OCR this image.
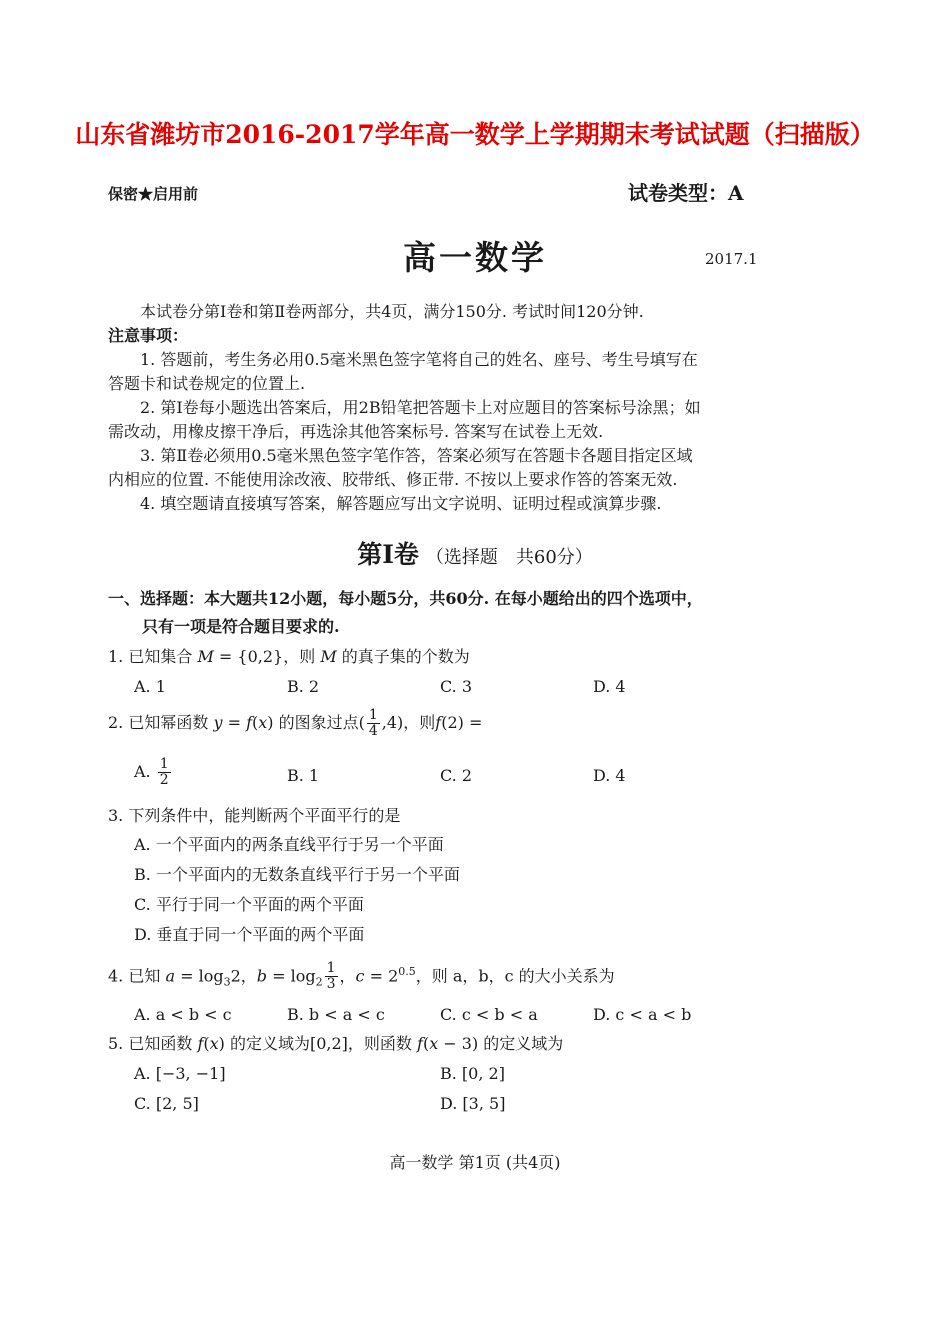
山东省潍坊市2016-2017学年高一数学上学期期末考试试题（扫描版）
保密★启用前	试卷类型：A
高一数学	2017.1
本试卷分第Ⅰ卷和第Ⅱ卷两部分，共4页，满分150分. 考试时间120分钟.
注意事项：
1. 答题前，考生务必用0.5毫米黑色签字笔将自己的姓名、座号、考生号填写在
答题卡和试卷规定的位置上.
2. 第Ⅰ卷每小题选出答案后，用2B铅笔把答题卡上对应题目的答案标号涂黑；如
需改动，用橡皮擦干净后，再选涂其他答案标号. 答案写在试卷上无效.
3. 第Ⅱ卷必须用0.5毫米黑色签字笔作答，答案必须写在答题卡各题目指定区域
内相应的位置. 不能使用涂改液、胶带纸、修正带. 不按以上要求作答的答案无效.
4. 填空题请直接填写答案，解答题应写出文字说明、证明过程或演算步骤.
第Ⅰ卷 （选择题　共60分）
一、选择题：本大题共12小题，每小题5分，共60分. 在每小题给出的四个选项中，
只有一项是符合题目要求的.
1. 已知集合 M = {0,2}，则 M 的真子集的个数为
A. 1	B. 2	C. 3	D. 4
2. 已知幂函数 y = f(x) 的图象过点( $\frac{1}{4} ,4$)，则f(2) =
A. $\frac{1}{2}$	B. 1	C. 2	D. 4
3. 下列条件中，能判断两个平面平行的是
A. 一个平面内的两条直线平行于另一个平面
B. 一个平面内的无数条直线平行于另一个平面
C. 平行于同一个平面的两个平面
D. 垂直于同一个平面的两个平面
4. 已知 $a = \log_32$，$b = \log_2 \frac{1}{3}$ ，$c = 2^{0.5}$，则 a，b，c 的大小关系为
A. a < b < c	B. b < a < c	C. c < b < a	D. c < a < b
5. 已知函数 f(x) 的定义域为[0,2]，则函数 f(x − 3) 的定义域为
A. [−3, −1]	B. [0, 2]
C. [2, 5]	D. [3, 5]
高一数学 第1页 (共4页)
